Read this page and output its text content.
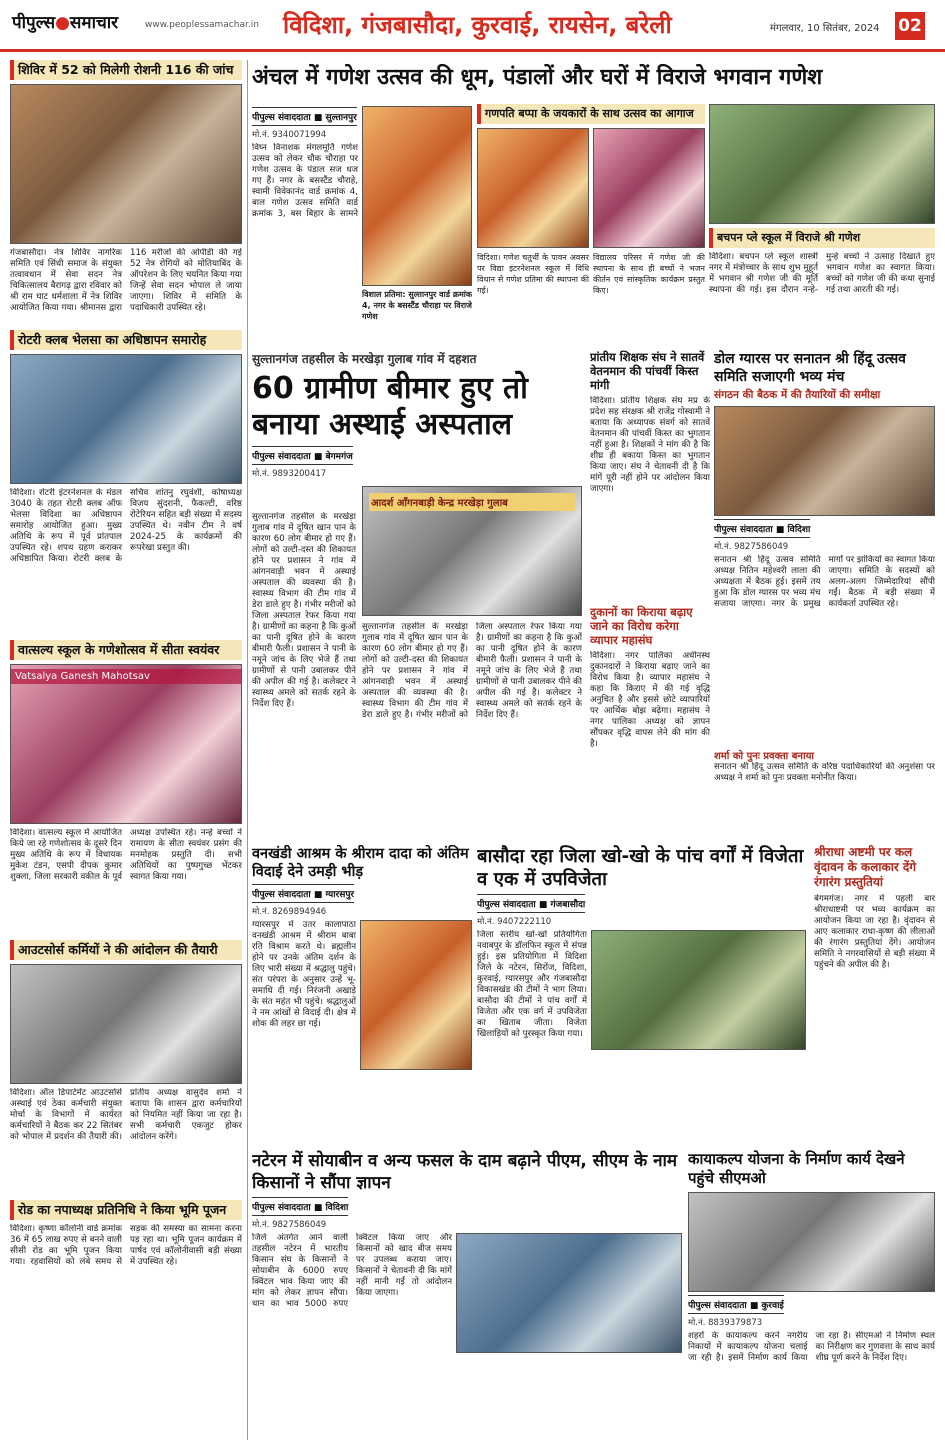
पीपुल्स●समाचार	www.peoplessamachar.in विदिशा, गंजबासौदा, कुरवाई, रायसेन, बरेली	मंगलवार, 10 सितंबर, 2024 02
शिविर में 52 को मिलेगी रोशनी 116 की जांच
गंजबासौदा। नेत्र शिविर नागरिक समिति एवं सिंधी समाज के संयुक्त तत्वावधान में सेवा सदन नेत्र चिकित्सालय बैरागढ़ द्वारा रविवार को श्री राम घाट धर्मशाला में नेत्र शिविर आयोजित किया गया। श्रीमानस द्वारा 116 मरीजों की ओपीडी की गई 52 नेत्र रोगियों को मोतियाबिंद के ऑपरेशन के लिए चयनित किया गया जिन्हें सेवा सदन भोपाल ले जाया जाएगा। शिविर में समिति के पदाधिकारी उपस्थित रहे।
रोटरी क्लब भेलसा का अधिष्ठापन समारोह
विदिशा। रोटरी इंटरनेशनल के मंडल 3040 के तहत रोटरी क्लब ऑफ भेलसा विदिशा का अधिष्ठापन समारोह आयोजित हुआ। मुख्य अतिथि के रूप में पूर्व प्रांतपाल उपस्थित रहे। शपथ ग्रहण कराकर अधिष्ठापित किया। रोटरी क्लब के सचिव शांतनु रघुवंशी, कोषाध्यक्ष विजय सुंदरानी, फैकल्टी, वरिष्ठ रोटेरियन सहित बड़ी संख्या में सदस्य उपस्थित थे। नवीन टीम ने वर्ष 2024-25 के कार्यक्रमों की रूपरेखा प्रस्तुत की।
वात्सल्य स्कूल के गणेशोत्सव में सीता स्वयंवर
Vatsalya Ganesh Mahotsav
विदिशा। वात्सल्य स्कूल में आयोजित किये जा रहे गणेशोत्सव के दूसरे दिन मुख्य अतिथि के रूप में विधायक मुकेश टंडन, एसपी दीपक कुमार शुक्ला, जिला सरकारी वकील के पूर्व अध्यक्ष उपस्थित रहे। नन्हे बच्चों ने रामायण के सीता स्वयंवर प्रसंग की मनमोहक प्रस्तुति दी। सभी अतिथियों का पुष्पगुच्छ भेंटकर स्वागत किया गया।
आउटसोर्स कर्मियों ने की आंदोलन की तैयारी
विदिशा। ऑल डिपार्टमेंट आउटसोर्स अस्थाई एवं ठेका कर्मचारी संयुक्त मोर्चा के विभागों में कार्यरत कर्मचारियों ने बैठक कर 22 सितंबर को भोपाल में प्रदर्शन की तैयारी की। प्रांतीय अध्यक्ष वासुदेव शर्मा ने बताया कि शासन द्वारा कर्मचारियों को नियमित नहीं किया जा रहा है। सभी कर्मचारी एकजुट होकर आंदोलन करेंगे।
रोड का नपाध्यक्ष प्रतिनिधि ने किया भूमि पूजन
विदिशा। कृष्णा कॉलोनी वार्ड क्रमांक 36 में 65 लाख रुपए से बनने वाली सीसी रोड का भूमि पूजन किया गया। रहवासियों को लंबे समय से सड़क की समस्या का सामना करना पड़ रहा था। भूमि पूजन कार्यक्रम में पार्षद एवं कॉलोनीवासी बड़ी संख्या में उपस्थित रहे।
अंचल में गणेश उत्सव की धूम, पंडालों और घरों में विराजे भगवान गणेश
पीपुल्स संवाददाता ■ सुल्तानपुर
मो.नं. 9340071994
विघ्न विनाशक मंगलमूर्ति गणेश उत्सव को लेकर चौक चौराहा पर गणेश उत्सव के पंडाल सज धज गए हैं। नगर के बसस्टैंड चौराहे, स्वामी विवेकानंद वार्ड क्रमांक 4, बाल गणेश उत्सव समिति वार्ड क्रमांक 3, बस बिहार के सामने
विशाल प्रतिमा: सुल्तानपुर वार्ड क्रमांक 4, नगर के बसस्टैंड चौराहा पर विराजे गणेश
गणपति बप्पा के जयकारों के साथ उत्सव का आगाज
विदिशा। गणेश चतुर्थी के पावन अवसर पर विद्या इंटरनेशनल स्कूल में विधि विधान से गणेश प्रतिमा की स्थापना की गई।
विद्यालय परिसर में गणेश जी की स्थापना के साथ ही बच्चों ने भजन कीर्तन एवं सांस्कृतिक कार्यक्रम प्रस्तुत किए।
बचपन प्ले स्कूल में विराजे श्री गणेश
विदिशा। बचपन प्ले स्कूल शास्त्री नगर में मंत्रोच्चार के साथ शुभ मुहूर्त में भगवान श्री गणेश जी की मूर्ति स्थापना की गई। इस दौरान नन्हे-मुन्हे बच्चों ने उत्साह दिखाते हुए भगवान गणेश का स्वागत किया। बच्चों को गणेश जी की कथा सुनाई गई तथा आरती की गई।
सुल्तानगंज तहसील के मरखेड़ा गुलाब गांव में दहशत
60 ग्रामीण बीमार हुए तो बनाया अस्थाई अस्पताल
पीपुल्स संवाददाता ■ बेगमगंज
मो.नं. 9893200417
आदर्श आँगनबाड़ी केन्द्र मरखेड़ा गुलाब
सुल्तानगंज तहसील के मरखेड़ा गुलाब गांव में दूषित खान पान के कारण 60 लोग बीमार हो गए हैं। लोगों को उल्टी-दस्त की शिकायत होने पर प्रशासन ने गांव में आंगनवाड़ी भवन में अस्थाई अस्पताल की व्यवस्था की है। स्वास्थ्य विभाग की टीम गांव में डेरा डाले हुए है। गंभीर मरीजों को जिला अस्पताल रेफर किया गया है। ग्रामीणों का कहना है कि कुओं का पानी दूषित होने के कारण बीमारी फैली। प्रशासन ने पानी के नमूने जांच के लिए भेजे हैं तथा ग्रामीणों से पानी उबालकर पीने की अपील की गई है। कलेक्टर ने स्वास्थ्य अमले को सतर्क रहने के निर्देश दिए हैं।
सुल्तानगंज तहसील के मरखेड़ा गुलाब गांव में दूषित खान पान के कारण 60 लोग बीमार हो गए हैं। लोगों को उल्टी-दस्त की शिकायत होने पर प्रशासन ने गांव में आंगनवाड़ी भवन में अस्थाई अस्पताल की व्यवस्था की है। स्वास्थ्य विभाग की टीम गांव में डेरा डाले हुए है। गंभीर मरीजों को जिला अस्पताल रेफर किया गया है। ग्रामीणों का कहना है कि कुओं का पानी दूषित होने के कारण बीमारी फैली। प्रशासन ने पानी के नमूने जांच के लिए भेजे हैं तथा ग्रामीणों से पानी उबालकर पीने की अपील की गई है। कलेक्टर ने स्वास्थ्य अमले को सतर्क रहने के निर्देश दिए हैं।
प्रांतीय शिक्षक संघ ने सातवें वेतनमान की पांचवीं किस्त मांगी
विदिशा। प्रांतीय शिक्षक संघ मप्र के प्रदेश सह संरक्षक श्री राजेंद्र गोस्वामी ने बताया कि अध्यापक संवर्ग को सातवें वेतनमान की पांचवीं किस्त का भुगतान नहीं हुआ है। शिक्षकों ने मांग की है कि शीघ्र ही बकाया किस्त का भुगतान किया जाए। संघ ने चेतावनी दी है कि मांगें पूरी नहीं होने पर आंदोलन किया जाएगा।
दुकानों का किराया बढ़ाए जाने का विरोध करेगा व्यापार महासंघ
विदिशा। नगर पालिका अधीनस्थ दुकानदारों ने किराया बढ़ाए जाने का विरोध किया है। व्यापार महासंघ ने कहा कि किराए में की गई वृद्धि अनुचित है और इससे छोटे व्यापारियों पर आर्थिक बोझ बढ़ेगा। महासंघ ने नगर पालिका अध्यक्ष को ज्ञापन सौंपकर वृद्धि वापस लेने की मांग की है।
डोल ग्यारस पर सनातन श्री हिंदू उत्सव समिति सजाएगी भव्य मंच
संगठन की बैठक में की तैयारियों की समीक्षा
पीपुल्स संवाददाता ■ विदिशा
मो.नं. 9827586049
सनातन श्री हिंदू उत्सव समिति अध्यक्ष नितिन महेश्वरी लाला की अध्यक्षता में बैठक हुई। इसमें तय हुआ कि डोल ग्यारस पर भव्य मंच सजाया जाएगा। नगर के प्रमुख मार्गों पर झांकियों का स्वागत किया जाएगा। समिति के सदस्यों को अलग-अलग जिम्मेदारियां सौंपी गईं। बैठक में बड़ी संख्या में कार्यकर्ता उपस्थित रहे।
शर्मा को पुनः प्रवक्ता बनाया
सनातन श्री हिंदू उत्सव समिति के वरिष्ठ पदाधिकारियों की अनुशंसा पर अध्यक्ष ने शर्मा को पुनः प्रवक्ता मनोनीत किया।
वनखंडी आश्रम के श्रीराम दादा को अंतिम विदाई देने उमड़ी भीड़
पीपुल्स संवाददाता ■ ग्यारसपुर
मो.नं. 8269894946
ग्यारसपुर में उतर कालापाठा वनखंडी आश्रम में श्रीराम बाबा रति विश्राम करते थे। ब्रह्मलीन होने पर उनके अंतिम दर्शन के लिए भारी संख्या में श्रद्धालु पहुंचे। संत परंपरा के अनुसार उन्हें भू-समाधि दी गई। निरंजनी अखाड़े के संत महंत भी पहुंचे। श्रद्धालुओं ने नम आंखों से विदाई दी। क्षेत्र में शोक की लहर छा गई।
बासौदा रहा जिला खो-खो के पांच वर्गों में विजेता व एक में उपविजेता
पीपुल्स संवाददाता ■ गंजबासौदा
मो.नं. 9407222110
जिला स्तरीय खो-खो प्रतियोगिता नवाबपुर के डॉलफिन स्कूल में संपन्न हुई। इस प्रतियोगिता में विदिशा जिले के नटेरन, सिरोंज, विदिशा, कुरवाई, ग्यारसपुर और गंजबासौदा विकासखंड की टीमों ने भाग लिया। बासौदा की टीमों ने पांच वर्गों में विजेता और एक वर्ग में उपविजेता का खिताब जीता। विजेता खिलाड़ियों को पुरस्कृत किया गया।
श्रीराधा अष्टमी पर कल वृंदावन के कलाकार देंगे रंगारंग प्रस्तुतियां
बेगमगंज। नगर में पहली बार श्रीराधाष्टमी पर भव्य कार्यक्रम का आयोजन किया जा रहा है। वृंदावन से आए कलाकार राधा-कृष्ण की लीलाओं की रंगारंग प्रस्तुतियां देंगे। आयोजन समिति ने नगरवासियों से बड़ी संख्या में पहुंचने की अपील की है।
नटेरन में सोयाबीन व अन्य फसल के दाम बढ़ाने पीएम, सीएम के नाम किसानों ने सौंपा ज्ञापन
पीपुल्स संवाददाता ■ विदिशा
मो.नं. 9827586049
जिले अंतर्गत आने वाली तहसील नटेरन में भारतीय किसान संघ के किसानों ने सोयाबीन के 6000 रुपए क्विंटल भाव किया जाए की मांग को लेकर ज्ञापन सौंपा। धान का भाव 5000 रुपए क्विंटल किया जाए और किसानों को खाद बीज समय पर उपलब्ध कराया जाए। किसानों ने चेतावनी दी कि मांगें नहीं मानी गईं तो आंदोलन किया जाएगा।
कायाकल्प योजना के निर्माण कार्य देखने पहुंचे सीएमओ
पीपुल्स संवाददाता ■ कुरवाई
मो.नं. 8839379873
शहरों के कायाकल्प करने नगरीय निकायों में कायाकल्प योजना चलाई जा रही है। इसमें निर्माण कार्य किया जा रहा है। सीएमओ ने निर्माण स्थल का निरीक्षण कर गुणवत्ता के साथ कार्य शीघ्र पूर्ण करने के निर्देश दिए।
